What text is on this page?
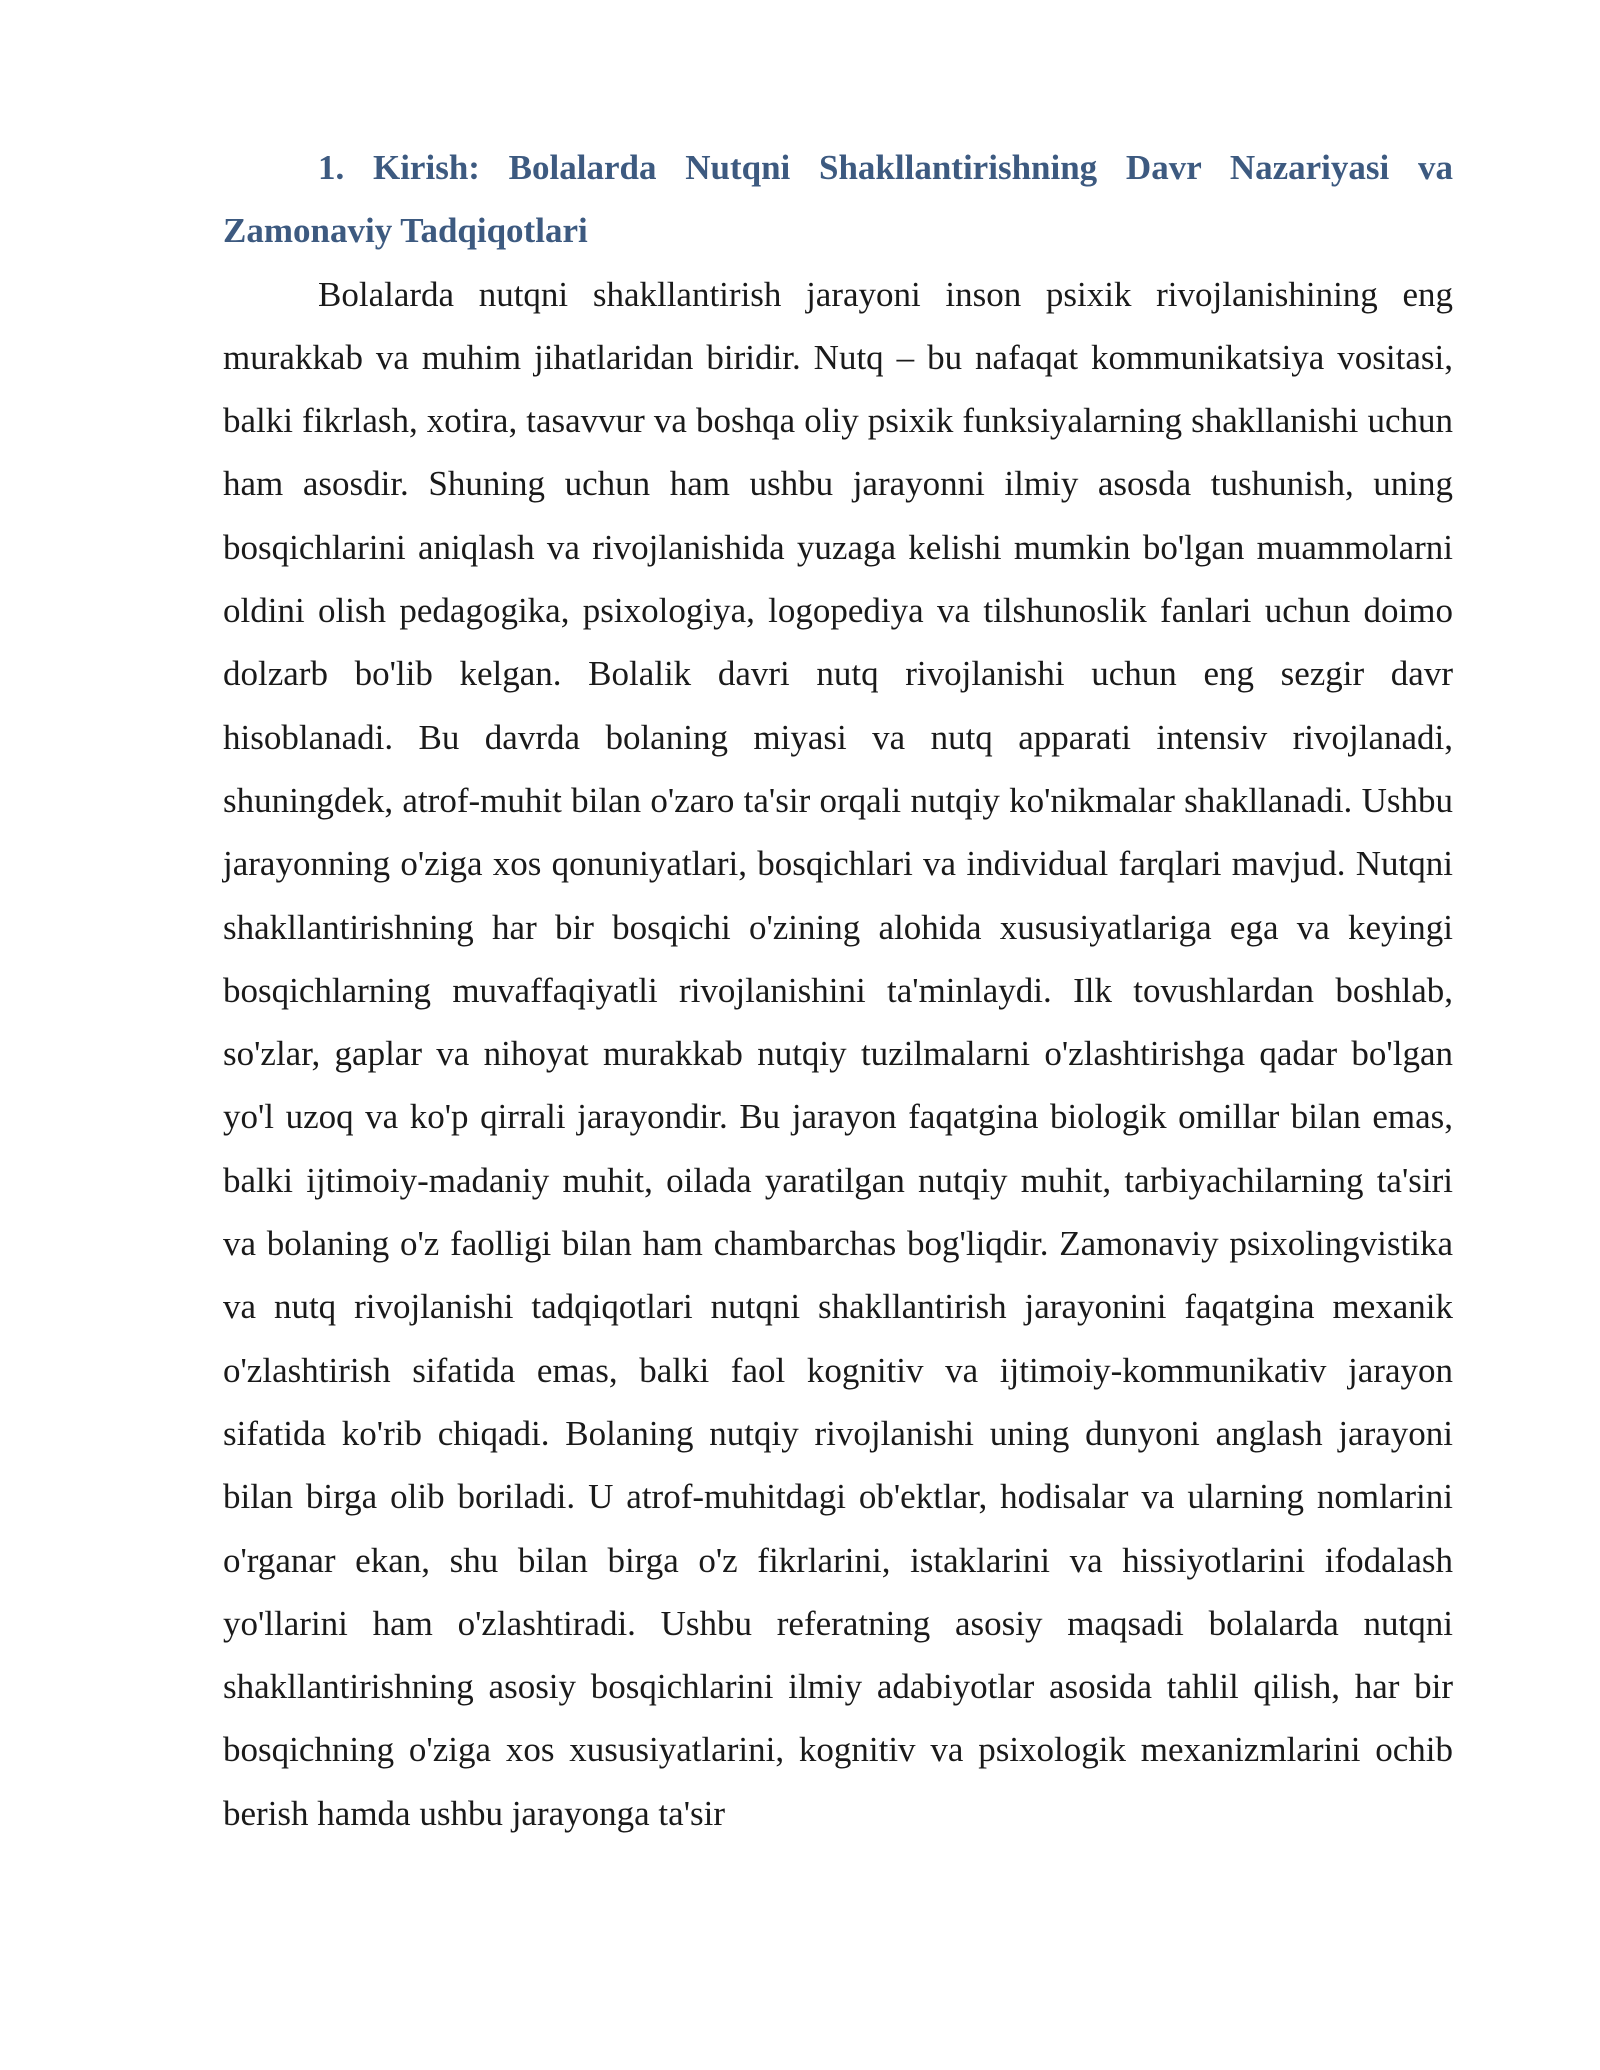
1. Kirish: Bolalarda Nutqni Shakllantirishning Davr Nazariyasi va Zamonaviy Tadqiqotlari

Bolalarda nutqni shakllantirish jarayoni inson psixik rivojlanishining eng murakkab va muhim jihatlaridan biridir. Nutq – bu nafaqat kommunikatsiya vositasi, balki fikrlash, xotira, tasavvur va boshqa oliy psixik funksiyalarning shakllanishi uchun ham asosdir. Shuning uchun ham ushbu jarayonni ilmiy asosda tushunish, uning bosqichlarini aniqlash va rivojlanishida yuzaga kelishi mumkin bo'lgan muammolarni oldini olish pedagogika, psixologiya, logopediya va tilshunoslik fanlari uchun doimo dolzarb bo'lib kelgan. Bolalik davri nutq rivojlanishi uchun eng sezgir davr hisoblanadi. Bu davrda bolaning miyasi va nutq apparati intensiv rivojlanadi, shuningdek, atrof-muhit bilan o'zaro ta'sir orqali nutqiy ko'nikmalar shakllanadi. Ushbu jarayonning o'ziga xos qonuniyatlari, bosqichlari va individual farqlari mavjud. Nutqni shakllantirishning har bir bosqichi o'zining alohida xususiyatlariga ega va keyingi bosqichlarning muvaffaqiyatli rivojlanishini ta'minlaydi. Ilk tovushlardan boshlab, so'zlar, gaplar va nihoyat murakkab nutqiy tuzilmalarni o'zlashtirishga qadar bo'lgan yo'l uzoq va ko'p qirrali jarayondir. Bu jarayon faqatgina biologik omillar bilan emas, balki ijtimoiy-madaniy muhit, oilada yaratilgan nutqiy muhit, tarbiyachilarning ta'siri va bolaning o'z faolligi bilan ham chambarchas bog'liqdir. Zamonaviy psixolingvistika va nutq rivojlanishi tadqiqotlari nutqni shakllantirish jarayonini faqatgina mexanik o'zlashtirish sifatida emas, balki faol kognitiv va ijtimoiy-kommunikativ jarayon sifatida ko'rib chiqadi. Bolaning nutqiy rivojlanishi uning dunyoni anglash jarayoni bilan birga olib boriladi. U atrof-muhitdagi ob'ektlar, hodisalar va ularning nomlarini o'rganar ekan, shu bilan birga o'z fikrlarini, istaklarini va hissiyotlarini ifodalash yo'llarini ham o'zlashtiradi. Ushbu referatning asosiy maqsadi bolalarda nutqni shakllantirishning asosiy bosqichlarini ilmiy adabiyotlar asosida tahlil qilish, har bir bosqichning o'ziga xos xususiyatlarini, kognitiv va psixologik mexanizmlarini ochib berish hamda ushbu jarayonga ta'sir
